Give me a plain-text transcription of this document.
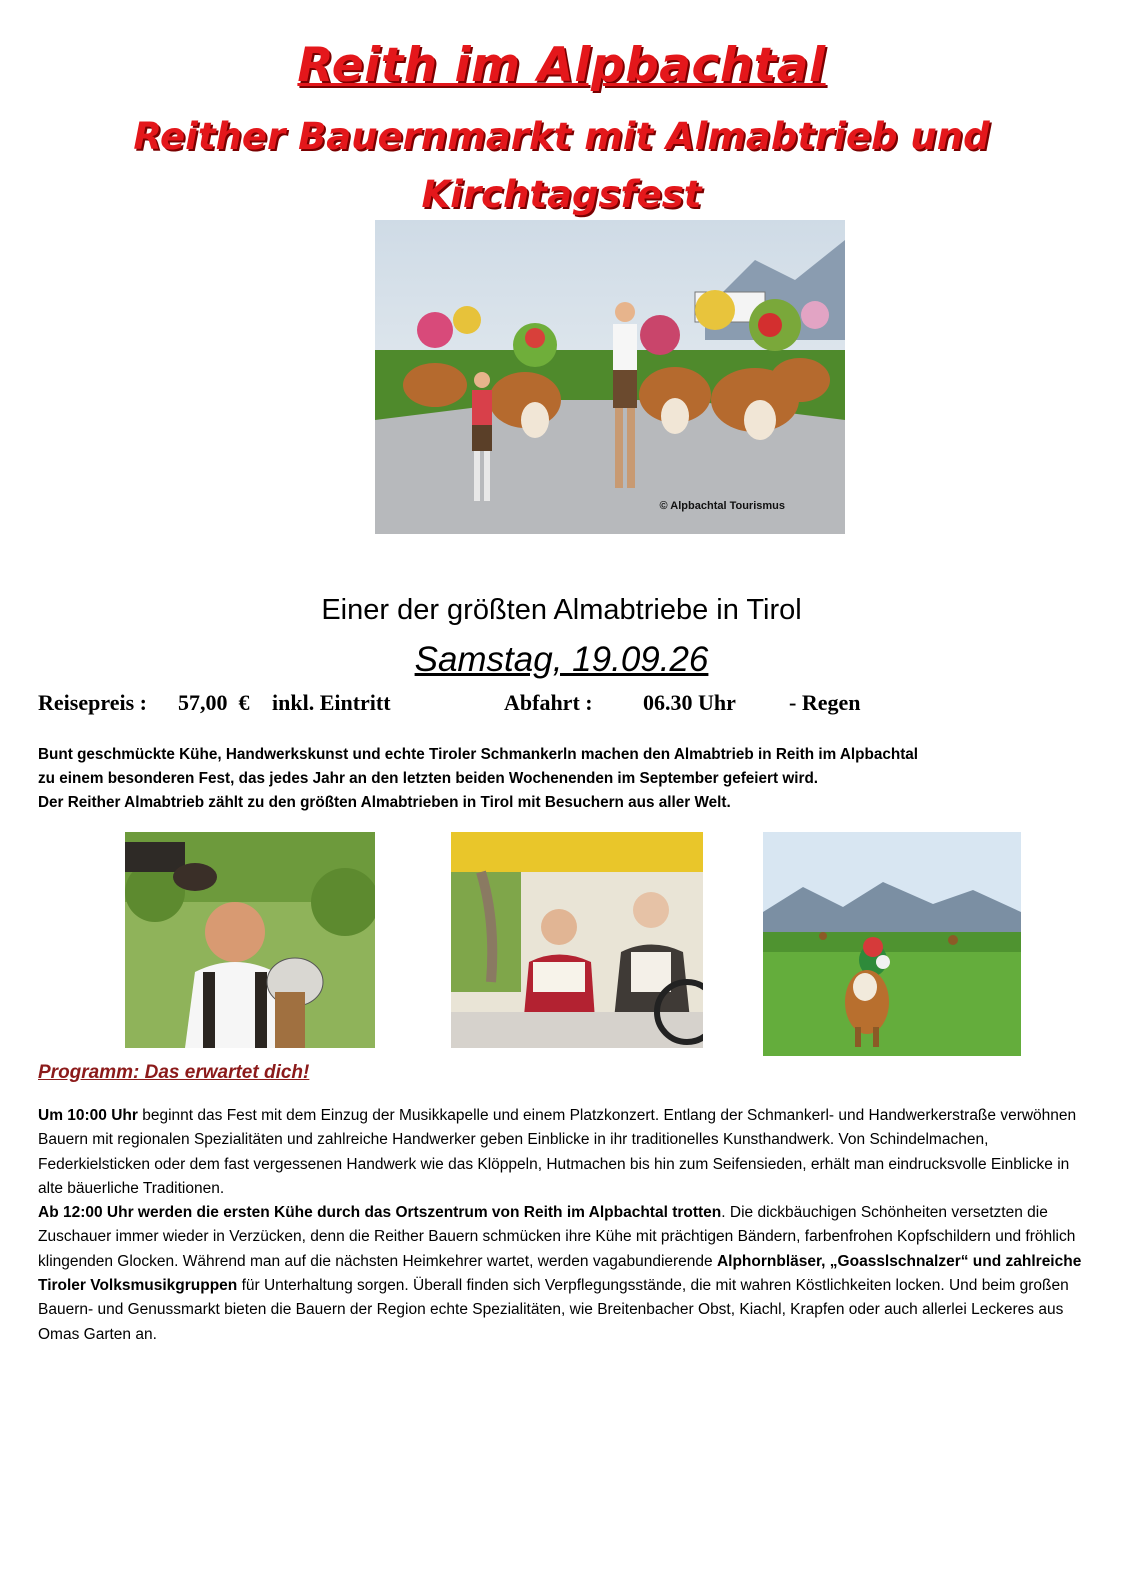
Reith im Alpbachtal
Reither Bauernmarkt mit Almabtrieb und
Kirchtagsfest
© Alpbachtal Tourismus
Einer der größten Almabtriebe in Tirol
Samstag, 19.09.26
Reisepreis : 57,00  € inkl. Eintritt	Abfahrt : 06.30 Uhr - Regen
Bunt geschmückte Kühe, Handwerkskunst und echte Tiroler Schmankerln machen den Almabtrieb in Reith im Alpbachtal
zu einem besonderen Fest, das jedes Jahr an den letzten beiden Wochenenden im September gefeiert wird.
Der Reither Almabtrieb zählt zu den größten Almabtrieben in Tirol mit Besuchern aus aller Welt.
Programm: Das erwartet dich!
Um 10:00 Uhr beginnt das Fest mit dem Einzug der Musikkapelle und einem Platzkonzert. Entlang der Schmankerl- und Handwerkerstraße verwöhnen Bauern mit regionalen Spezialitäten und zahlreiche Handwerker geben Einblicke in ihr traditionelles Kunsthandwerk. Von Schindelmachen, Federkielsticken oder dem fast vergessenen Handwerk wie das Klöppeln, Hutmachen bis hin zum Seifensieden, erhält man eindrucksvolle Einblicke in alte bäuerliche Traditionen.
Ab 12:00 Uhr werden die ersten Kühe durch das Ortszentrum von Reith im Alpbachtal trotten. Die dickbäuchigen Schönheiten versetzten die Zuschauer immer wieder in Verzücken, denn die Reither Bauern schmücken ihre Kühe mit prächtigen Bändern, farbenfrohen Kopfschildern und fröhlich klingenden Glocken. Während man auf die nächsten Heimkehrer wartet, werden vagabundierende Alphornbläser, „Goasslschnalzer“ und zahlreiche Tiroler Volksmusikgruppen für Unterhaltung sorgen. Überall finden sich Verpflegungsstände, die mit wahren Köstlichkeiten locken. Und beim großen Bauern- und Genussmarkt bieten die Bauern der Region echte Spezialitäten, wie Breitenbacher Obst, Kiachl, Krapfen oder auch allerlei Leckeres aus Omas Garten an.
